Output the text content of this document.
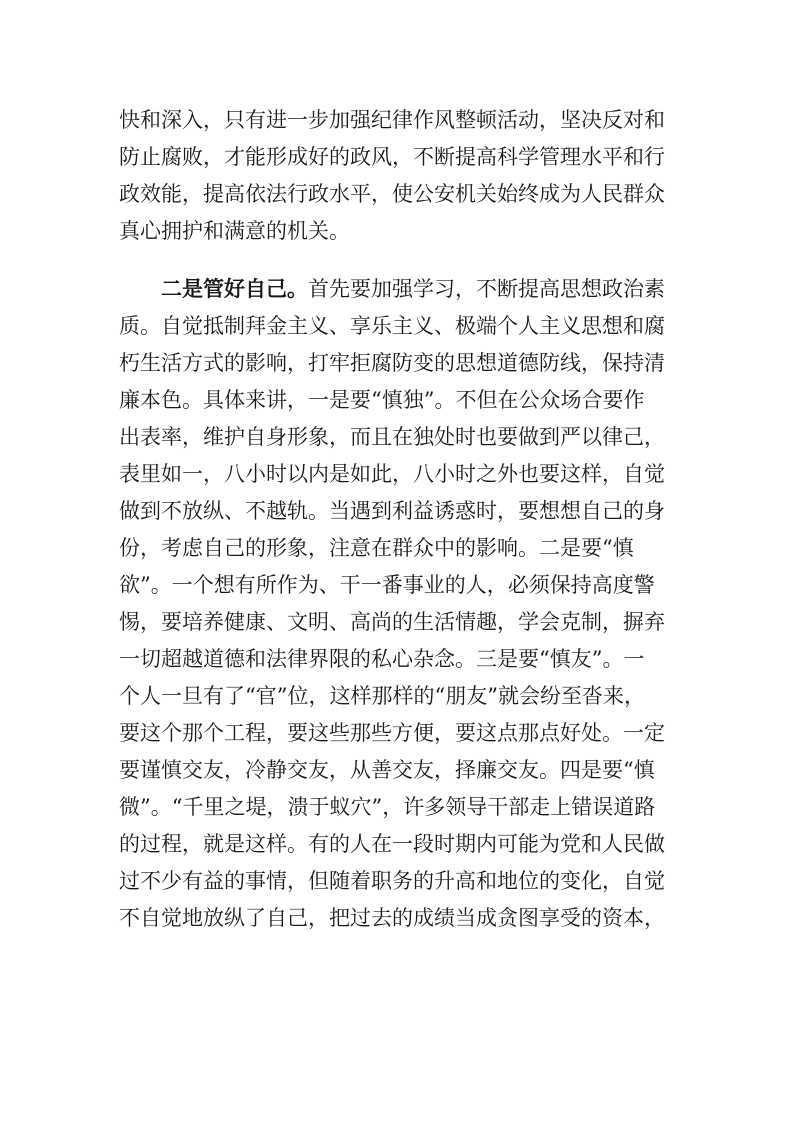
快和深入，只有进一步加强纪律作风整顿活动，坚决反对和
防止腐败，才能形成好的政风，不断提高科学管理水平和行
政效能，提高依法行政水平，使公安机关始终成为人民群众
真心拥护和满意的机关。
二是管好自己。首先要加强学习，不断提高思想政治素
质。自觉抵制拜金主义、享乐主义、极端个人主义思想和腐
朽生活方式的影响，打牢拒腐防变的思想道德防线，保持清
廉本色。具体来讲，一是要“慎独”。不但在公众场合要作
出表率，维护自身形象，而且在独处时也要做到严以律己，
表里如一，八小时以内是如此，八小时之外也要这样，自觉
做到不放纵、不越轨。当遇到利益诱惑时，要想想自己的身
份，考虑自己的形象，注意在群众中的影响。二是要“慎
欲”。一个想有所作为、干一番事业的人，必须保持高度警
惕，要培养健康、文明、高尚的生活情趣，学会克制，摒弃
一切超越道德和法律界限的私心杂念。三是要“慎友”。一
个人一旦有了“官”位，这样那样的“朋友”就会纷至沓来，
要这个那个工程，要这些那些方便，要这点那点好处。一定
要谨慎交友，冷静交友，从善交友，择廉交友。四是要“慎
微”。“千里之堤，溃于蚁穴”，许多领导干部走上错误道路
的过程，就是这样。有的人在一段时期内可能为党和人民做
过不少有益的事情，但随着职务的升高和地位的变化，自觉
不自觉地放纵了自己，把过去的成绩当成贪图享受的资本，
